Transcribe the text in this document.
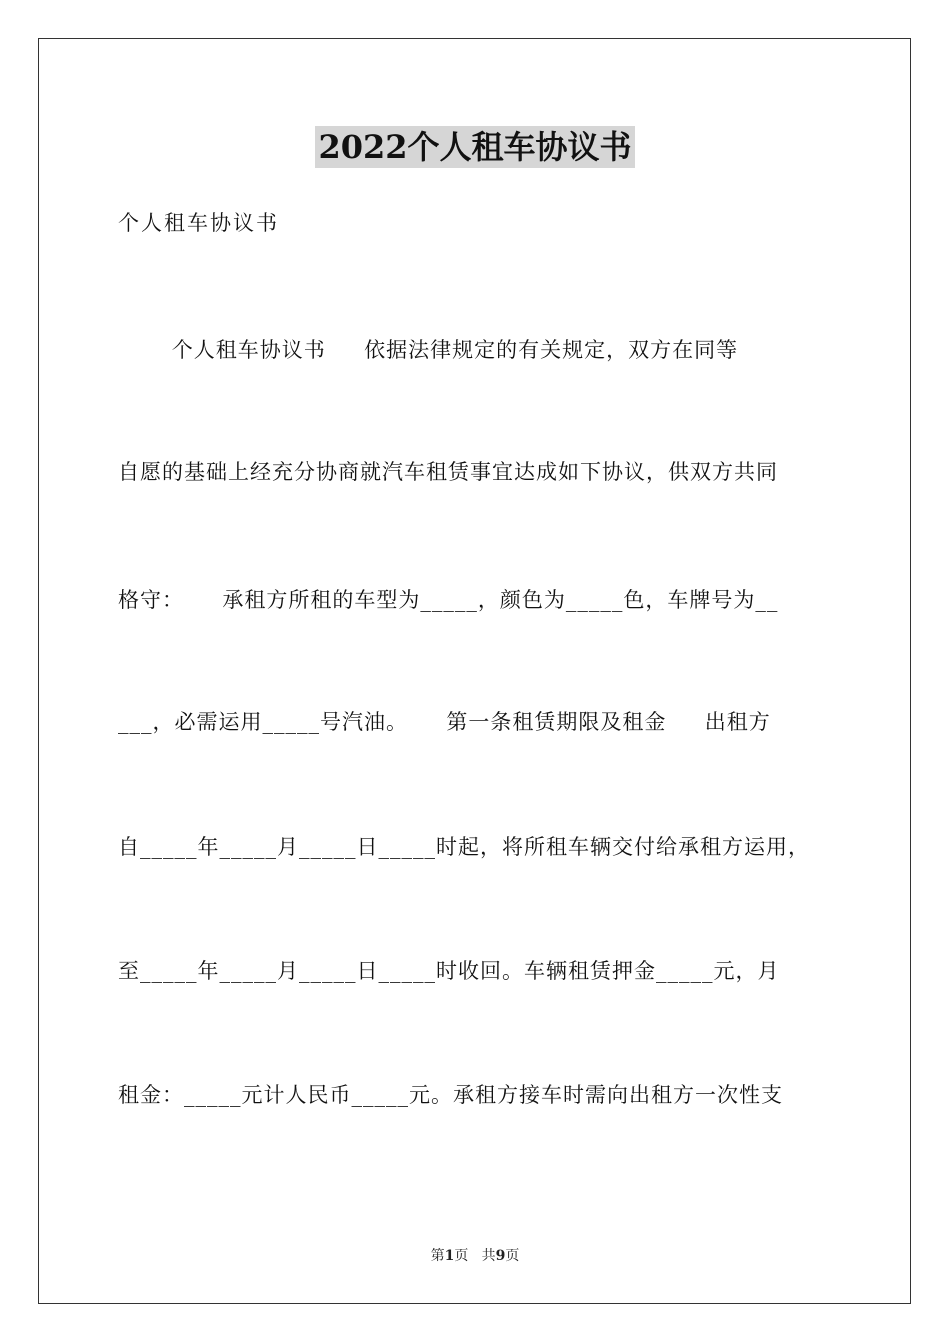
2022个人租车协议书
个人租车协议书
个人租车协议书     依据法律规定的有关规定，双方在同等
自愿的基础上经充分协商就汽车租赁事宜达成如下协议，供双方共同
格守：     承租方所租的车型为_____，颜色为_____色，车牌号为__
___，必需运用_____号汽油。     第一条租赁期限及租金     出租方
自_____年_____月_____日_____时起，将所租车辆交付给承租方运用，
至_____年_____月_____日_____时收回。车辆租赁押金_____元，月
租金：_____元计人民币_____元。承租方接车时需向出租方一次性支
第1页   共9页
